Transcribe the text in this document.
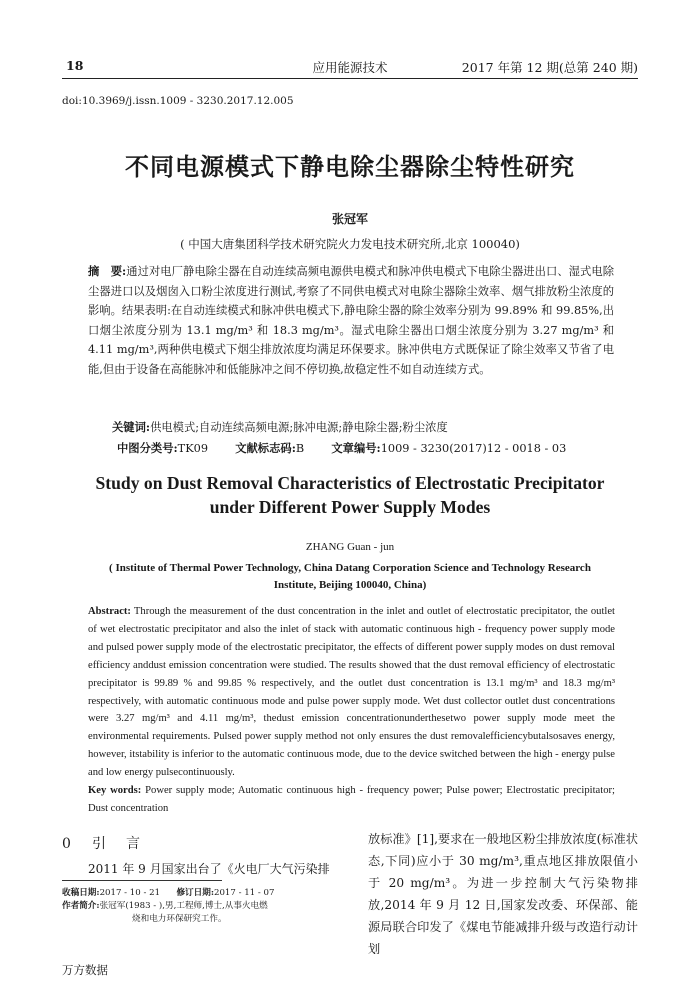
18	应用能源技术	2017 年第 12 期(总第 240 期)
doi:10.3969/j.issn.1009 - 3230.2017.12.005
不同电源模式下静电除尘器除尘特性研究
张冠军
( 中国大唐集团科学技术研究院火力发电技术研究所,北京 100040)

摘　要:通过对电厂静电除尘器在自动连续高频电源供电模式和脉冲供电模式下电除尘器进出口、湿式电除尘器进口以及烟囱入口粉尘浓度进行测试,考察了不同供电模式对电除尘器除尘效率、烟气排放粉尘浓度的影响。结果表明:在自动连续模式和脉冲供电模式下,静电除尘器的除尘效率分别为 99.89% 和 99.85%,出口烟尘浓度分别为 13.1 mg/m³ 和 18.3 mg/m³。湿式电除尘器出口烟尘浓度分别为 3.27 mg/m³ 和 4.11 mg/m³,两种供电模式下烟尘排放浓度均满足环保要求。脉冲供电方式既保证了除尘效率又节省了电能,但由于设备在高能脉冲和低能脉冲之间不停切换,故稳定性不如自动连续方式。

关键词:供电模式;自动连续高频电源;脉冲电源;静电除尘器;粉尘浓度
中图分类号:TK09 文献标志码:B 文章编号:1009 - 3230(2017)12 - 0018 - 03
Study on Dust Removal Characteristics of Electrostatic Precipitator
under Different Power Supply Modes
ZHANG Guan - jun
( Institute of Thermal Power Technology, China Datang Corporation Science and Technology Research Institute, Beijing 100040, China)

Abstract: Through the measurement of the dust concentration in the inlet and outlet of electrostatic precipitator, the outlet of wet electrostatic precipitator and also the inlet of stack with automatic continuous high - frequency power supply mode and pulsed power supply mode of the electrostatic precipitator, the effects of different power supply modes on dust removal efficiency anddust emission concentration were studied. The results showed that the dust removal efficiency of electrostatic precipitator is 99.89 % and 99.85 % respectively, and the outlet dust concentration is 13.1 mg/m³ and 18.3 mg/m³ respectively, with automatic continuous mode and pulse power supply mode. Wet dust collector outlet dust concentrations were 3.27 mg/m³ and 4.11 mg/m³, thedust emission concentrationunderthesetwo power supply mode meet the environmental requirements. Pulsed power supply method not only ensures the dust removalefficiencybutalsosaves energy, however, itstability is inferior to the automatic continuous mode, due to the device switched between the high - energy pulse and low energy pulsecontinuously.

Key words: Power supply mode; Automatic continuous high - frequency power; Pulse power; Electrostatic precipitator; Dust concentration

0 引 言
2011 年 9 月国家出台了《火电厂大气污染排
收稿日期:2017 - 10 - 21 修订日期:2017 - 11 - 07
作者简介:张冠军(1983 - ),男,工程师,博士,从事火电燃
烧和电力环保研究工作。

放标准》[1],要求在一般地区粉尘排放浓度(标准状态,下同)应小于 30 mg/m³,重点地区排放限值小于 20 mg/m³。为进一步控制大气污染物排放,2014 年 9 月 12 日,国家发改委、环保部、能源局联合印发了《煤电节能减排升级与改造行动计划

万方数据
